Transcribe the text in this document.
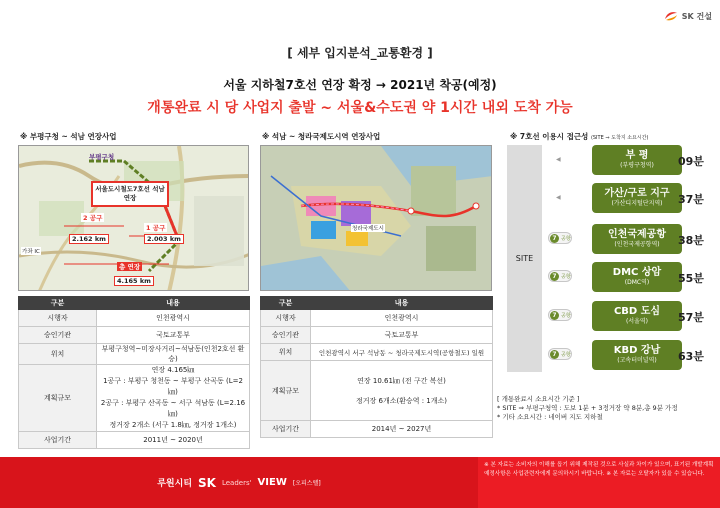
SK 건설
[ 세부 입지분석_교통환경 ]
서울 지하철7호선 연장 확정 → 2021년 착공(예정)
개통완료 시 당 사업지 출발 ~ 서울&수도권 약 1시간 내외 도착 가능
※ 부평구청 ~ 석남 연장사업
부평구청
서울도시철도7호선 석남연장
2 공구
2.162 km
1 공구
2.003 km
총 연장
4.165 km
가좌 IC
구분	내용
시행자	인천광역시
승인기관	국토교통부
위치	부평구청역~미장사거리~석남동(인천2호선 환승)
계획규모	연장 4.165㎞
1공구 : 부평구 청천동 ~ 부평구 산곡동 (L=2㎞)
2공구 : 부평구 산곡동 ~ 서구 석남동 (L=2.16㎞)
정거장 2개소 (서구 1.8㎞, 정거장 1개소)

사업기간	2011년 ~ 2020년
※ 석남 ~ 청라국제도시역 연장사업
청라국제도시
구분	내용
시행자	인천광역시
승인기관	국토교통부
위치	인천광역시 서구 석남동 ~ 청라국제도시역(공항철도) 일원
계획규모	연장 10.61㎞ (전 구간 복선)
정거장 6개소(환승역 : 1개소)

사업기간	2014년 ~ 2027년
※ 7호선 이용시 접근성 (SITE ⇒ 도착지 소요시간)
SITE
◀	부 평
(부평구청역) 09분
◀	가산/구로 지구
(가산디지털단지역) 37분
7 공항	인천국제공항
(인천국제공항역) 38분
7 공항	DMC 상암
(DMC역)	55분
7 공항	CBD 도심
(서울역)	57분
7 공항	KBD 강남
(고속터미널역) 63분
[ 개통완료시 소요시간 기준 ]
* SITE ⇒ 부평구청역 : 도보 1분 + 3정거장 약 8분,총 9분 가정
* 기타 소요시간 : 네이버 지도 지하철
루원시티 SK Leaders' VIEW [오피스텔]
※ 본 자료는 소비자의 이해를 돕기 위해 제작된 것으로 사실과 차이가 있으며, 표기된 개발계획 예정사항은 사업관련자에게 문의하시기 바랍니다. ※ 본 자료는 오탈자가 있을 수 있습니다.
